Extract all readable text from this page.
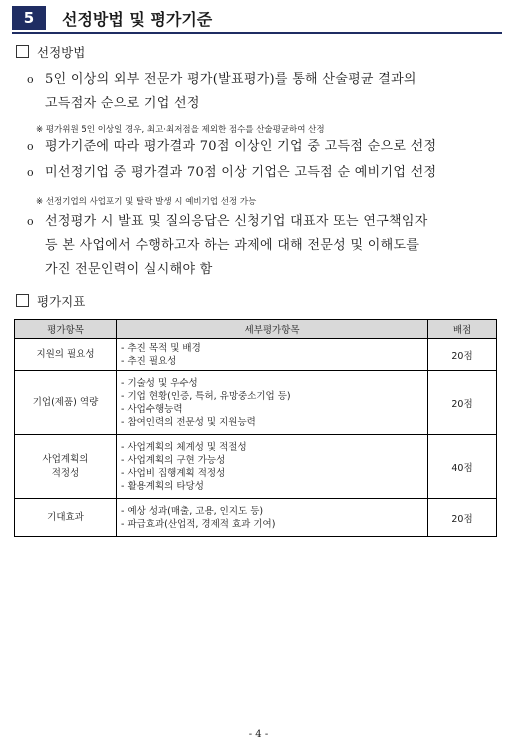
5	선정방법 및 평가기준
선정방법
o 5인 이상의 외부 전문가 평가(발표평가)를 통해 산술평균 결과의
고득점자 순으로 기업 선정
※ 평가위원 5인 이상일 경우, 최고·최저점을 제외한 점수를 산술평균하여 산정
o 평가기준에 따라 평가결과 70점 이상인 기업 중 고득점 순으로 선정
o 미선정기업 중 평가결과 70점 이상 기업은 고득점 순 예비기업 선정
※ 선정기업의 사업포기 및 탈락 발생 시 예비기업 선정 가능
o 선정평가 시 발표 및 질의응답은 신청기업 대표자 또는 연구책임자
등 본 사업에서 수행하고자 하는 과제에 대해 전문성 및 이해도를
가진 전문인력이 실시해야 함
평가지표
평가항목	세부평가항목	배점
지원의 필요성	- 추진 목적 및 배경
- 추진 필요성	20점
기업(제품) 역량	- 기술성 및 우수성
- 기업 현황(인증, 특허, 유망중소기업 등)
- 사업수행능력
- 참여인력의 전문성 및 지원능력	20점

사업계획의
적정성	- 사업계획의 체계성 및 적절성
- 사업계획의 구현 가능성
- 사업비 집행계획 적정성
- 활용계획의 타당성	40점
기대효과	- 예상 성과(매출, 고용, 인지도 등)
- 파급효과(산업적, 경제적 효과 기여)	20점
- 4 -
